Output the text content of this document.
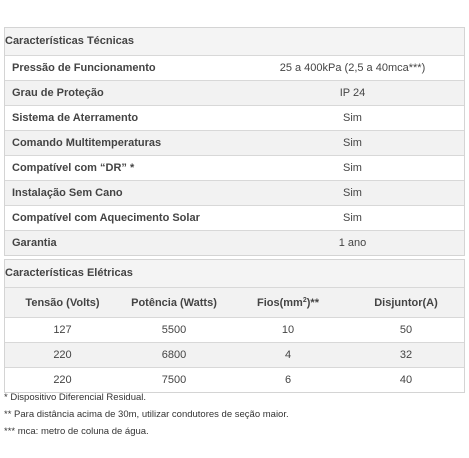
Características Técnicas
Pressão de Funcionamento	25 a 400kPa (2,5 a 40mca***)
Grau de Proteção	IP 24
Sistema de Aterramento	Sim
Comando Multitemperaturas	Sim
Compatível com “DR” *	Sim
Instalação Sem Cano	Sim
Compatível com Aquecimento Solar	Sim
Garantia	1 ano
Características Elétricas
Tensão (Volts)	Potência (Watts)	$Fios(mm^2)**$	Disjuntor(A)
127	5500	10	50
220	6800	4	32
220	7500	6	40
* Dispositivo Diferencial Residual.
** Para distância acima de 30m, utilizar condutores de seção maior.
*** mca: metro de coluna de água.
